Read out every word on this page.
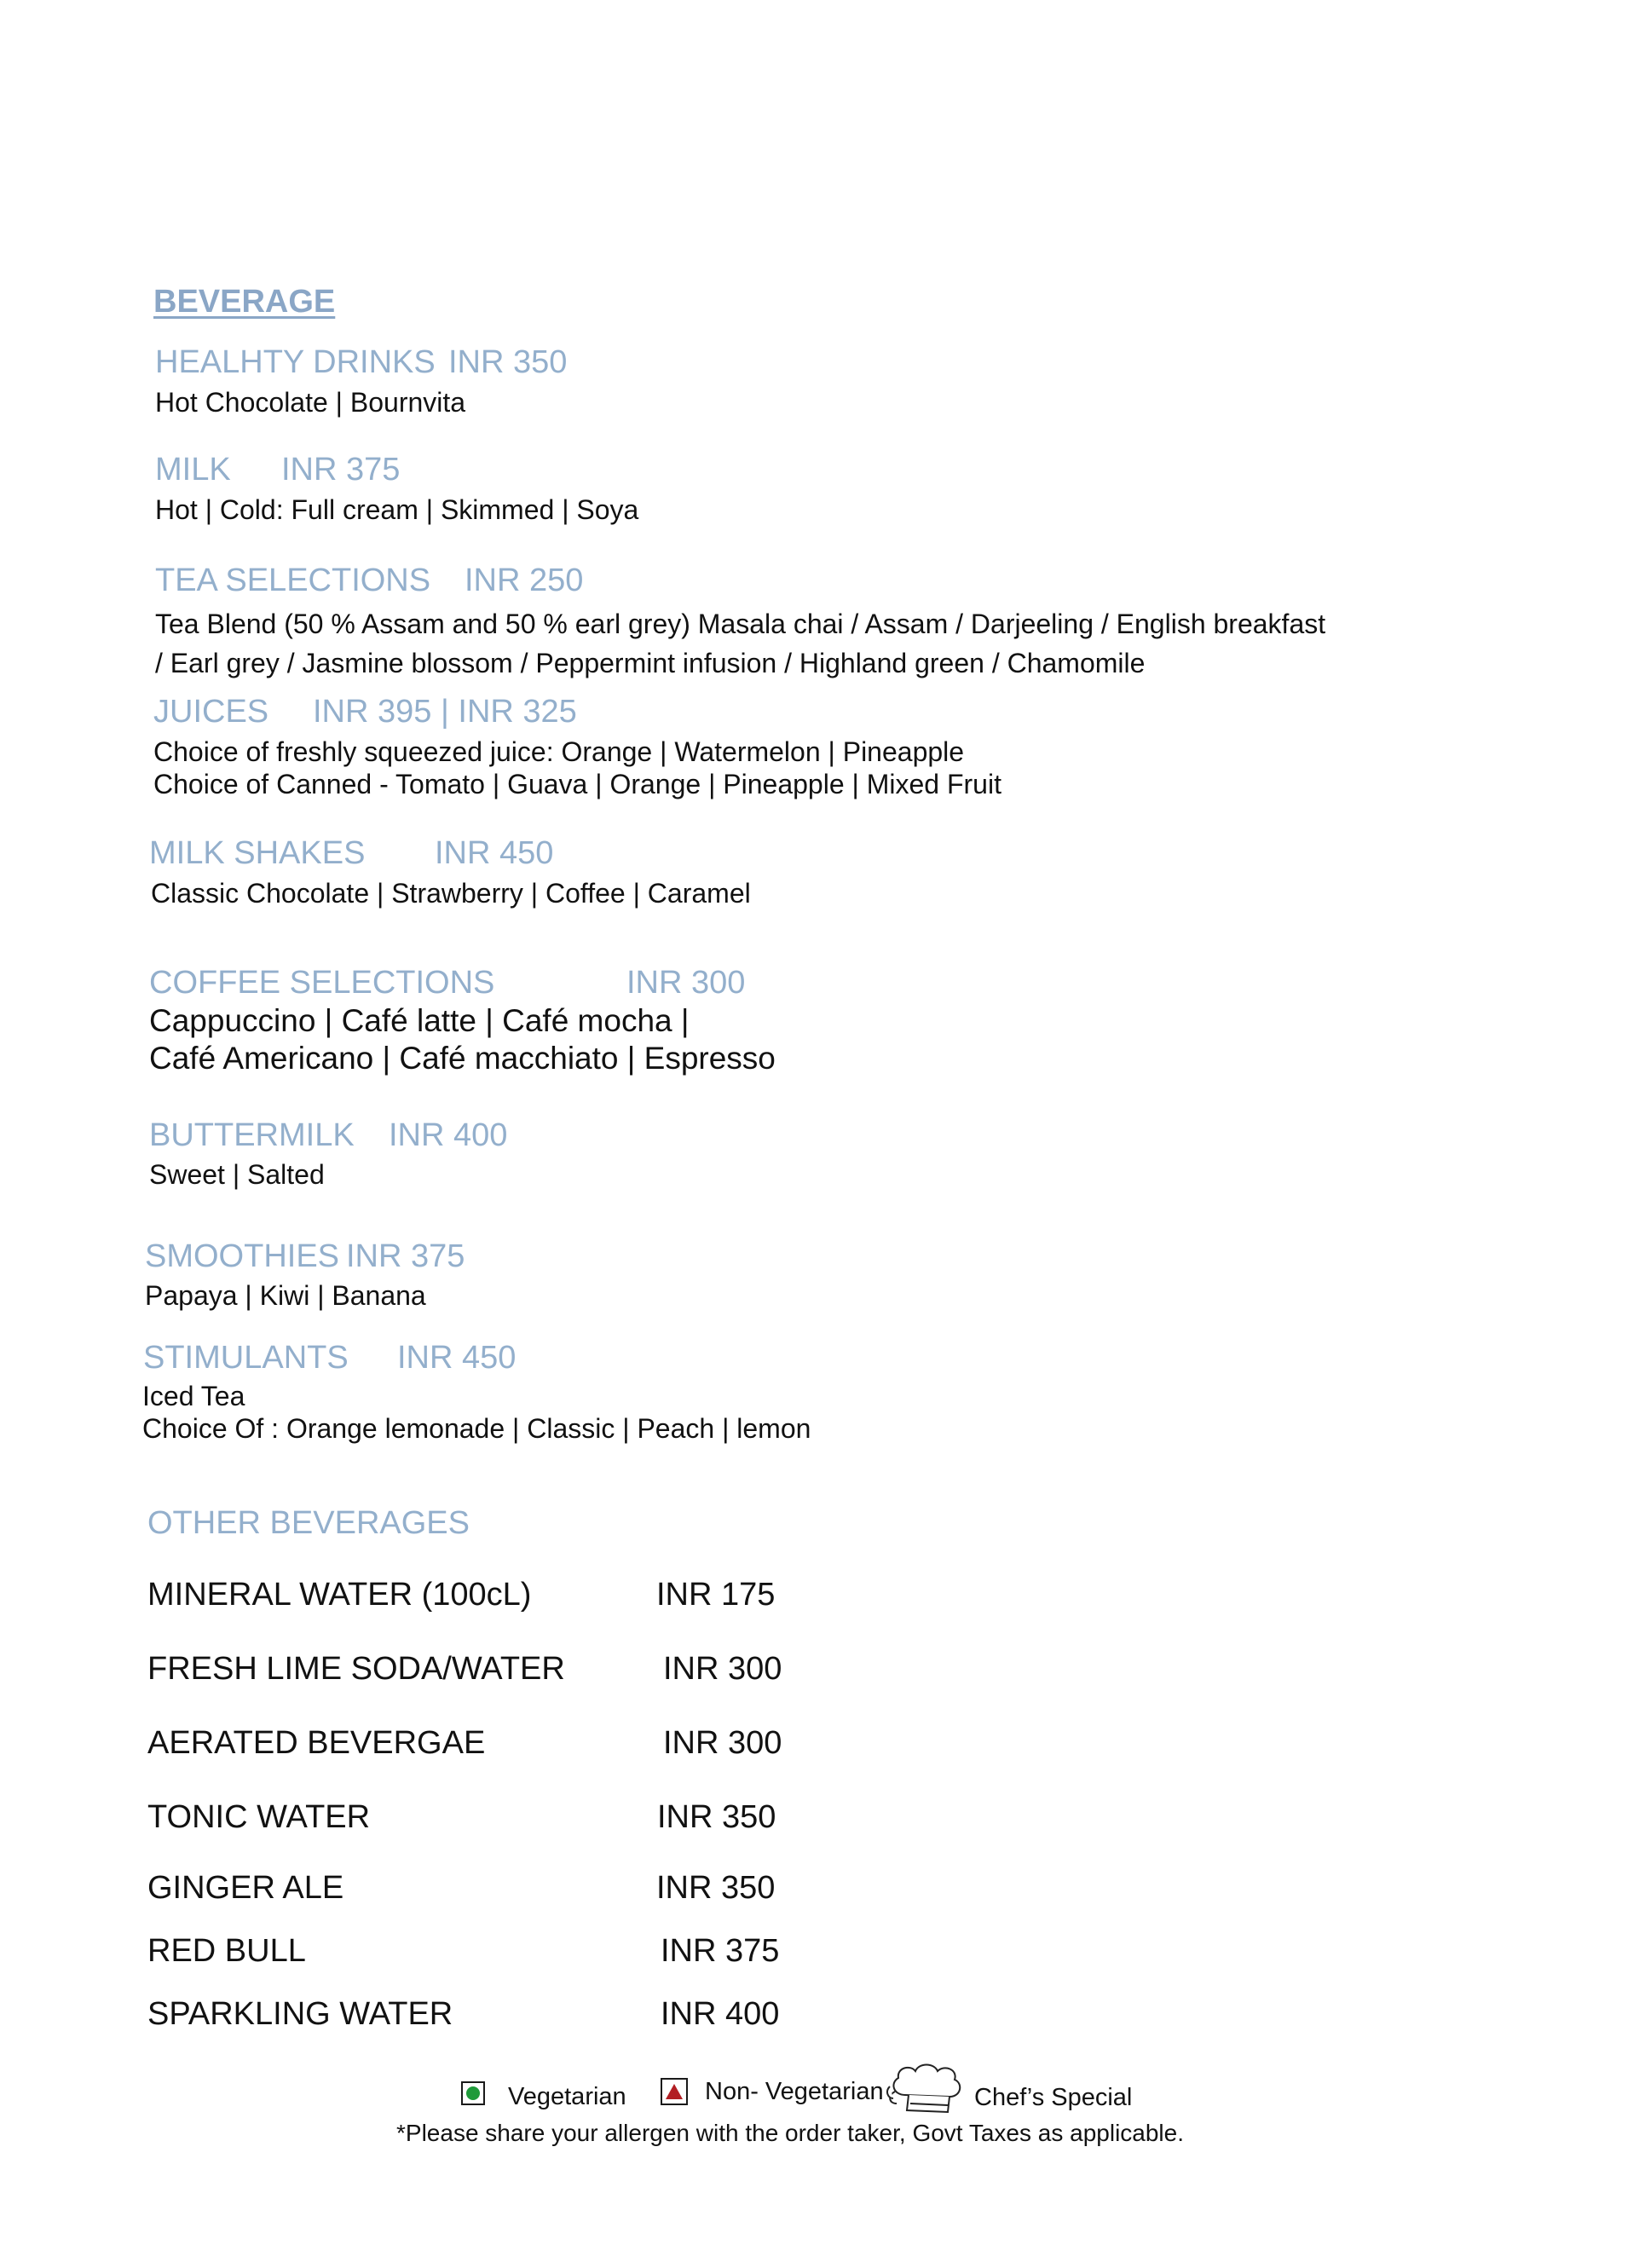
BEVERAGE
HEALHTY DRINKS INR 350
Hot Chocolate | Bournvita
MILK INR 375
Hot | Cold: Full cream | Skimmed | Soya
TEA SELECTIONS INR 250
Tea Blend (50 % Assam and 50 % earl grey) Masala chai / Assam / Darjeeling / English breakfast
/ Earl grey / Jasmine blossom / Peppermint infusion / Highland green / Chamomile
JUICES INR 395 | INR 325
Choice of freshly squeezed juice: Orange | Watermelon | Pineapple
Choice of Canned - Tomato | Guava | Orange | Pineapple | Mixed Fruit
MILK SHAKES INR 450
Classic Chocolate | Strawberry | Coffee | Caramel
COFFEE SELECTIONS	INR 300
Cappuccino | Café latte | Café mocha |
Café Americano | Café macchiato | Espresso
BUTTERMILK INR 400
Sweet | Salted
SMOOTHIES INR 375
Papaya | Kiwi | Banana
STIMULANTS INR 450
Iced Tea
Choice Of : Orange lemonade | Classic | Peach | lemon
OTHER BEVERAGES
MINERAL WATER (100cL)	INR 175
FRESH LIME SODA/WATER	INR 300
AERATED BEVERGAE	INR 300
TONIC WATER	INR 350
GINGER ALE	INR 350
RED BULL	INR 375
SPARKLING WATER	INR 400
Vegetarian	Non- Vegetarian	Chef’s Special
*Please share your allergen with the order taker, Govt Taxes as applicable.
